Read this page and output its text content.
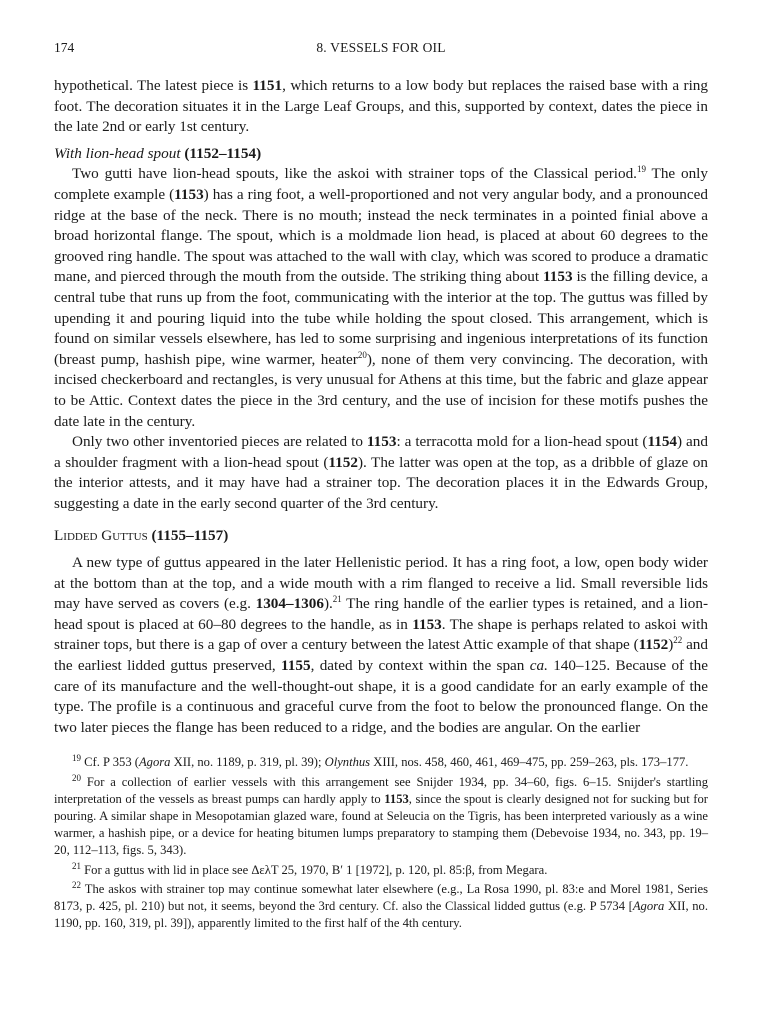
174	8. VESSELS FOR OIL

hypothetical. The latest piece is 1151, which returns to a low body but replaces the raised base with a ring foot. The decoration situates it in the Large Leaf Groups, and this, supported by context, dates the piece in the late 2nd or early 1st century.

With lion-head spout (1152–1154)

Two gutti have lion-head spouts, like the askoi with strainer tops of the Classical period.$^{19}$ The only complete example (1153) has a ring foot, a well-proportioned and not very angular body, and a pronounced ridge at the base of the neck. There is no mouth; instead the neck terminates in a pointed finial above a broad horizontal flange. The spout, which is a moldmade lion head, is placed at about 60 degrees to the grooved ring handle. The spout was attached to the wall with clay, which was scored to produce a dramatic mane, and pierced through the mouth from the outside. The striking thing about 1153 is the filling device, a central tube that runs up from the foot, communicating with the interior at the top. The guttus was filled by upending it and pouring liquid into the tube while holding the spout closed. This arrangement, which is found on similar vessels elsewhere, has led to some surprising and ingenious interpretations of its function (breast pump, hashish pipe, wine warmer, heater$^{20}$), none of them very convincing. The decoration, with incised checkerboard and rectangles, is very unusual for Athens at this time, but the fabric and glaze appear to be Attic. Context dates the piece in the 3rd century, and the use of incision for these motifs pushes the date late in the century.

Only two other inventoried pieces are related to 1153: a terracotta mold for a lion-head spout (1154) and a shoulder fragment with a lion-head spout (1152). The latter was open at the top, as a dribble of glaze on the interior attests, and it may have had a strainer top. The decoration places it in the Edwards Group, suggesting a date in the early second quarter of the 3rd century.

Lidded Guttus (1155–1157)

A new type of guttus appeared in the later Hellenistic period. It has a ring foot, a low, open body wider at the bottom than at the top, and a wide mouth with a rim flanged to receive a lid. Small reversible lids may have served as covers (e.g. 1304–1306).$^{21}$ The ring handle of the earlier types is retained, and a lion-head spout is placed at 60–80 degrees to the handle, as in 1153. The shape is perhaps related to askoi with strainer tops, but there is a gap of over a century between the latest Attic example of that shape $(1152)^{22}$ and the earliest lidded guttus preserved, 1155, dated by context within the span ca. 140–125. Because of the care of its manufacture and the well-thought-out shape, it is a good candidate for an early example of the type. The profile is a continuous and graceful curve from the foot to below the pronounced flange. On the two later pieces the flange has been reduced to a ridge, and the bodies are angular. On the earlier

$^{19}$ Cf. P 353 (Agora XII, no. 1189, p. 319, pl. 39); Olynthus XIII, nos. 458, 460, 461, 469–475, pp. 259–263, pls. 173–177.

$^{20}$ For a collection of earlier vessels with this arrangement see Snijder 1934, pp. 34–60, figs. 6–15. Snijder's startling interpretation of the vessels as breast pumps can hardly apply to 1153, since the spout is clearly designed not for sucking but for pouring. A similar shape in Mesopotamian glazed ware, found at Seleucia on the Tigris, has been interpreted variously as a wine warmer, a hashish pipe, or a device for heating bitumen lumps preparatory to stamping them (Debevoise 1934, no. 343, pp. 19–20, 112–113, figs. 5, 343).

$^{21}$ For a guttus with lid in place see ΔελΤ 25, 1970, Β′ 1 [1972], p. 120, pl. 85:β, from Megara.

$^{22}$ The askos with strainer top may continue somewhat later elsewhere (e.g., La Rosa 1990, pl. 83:e and Morel 1981, Series 8173, p. 425, pl. 210) but not, it seems, beyond the 3rd century. Cf. also the Classical lidded guttus (e.g. P 5734 [Agora XII, no. 1190, pp. 160, 319, pl. 39]), apparently limited to the first half of the 4th century.
